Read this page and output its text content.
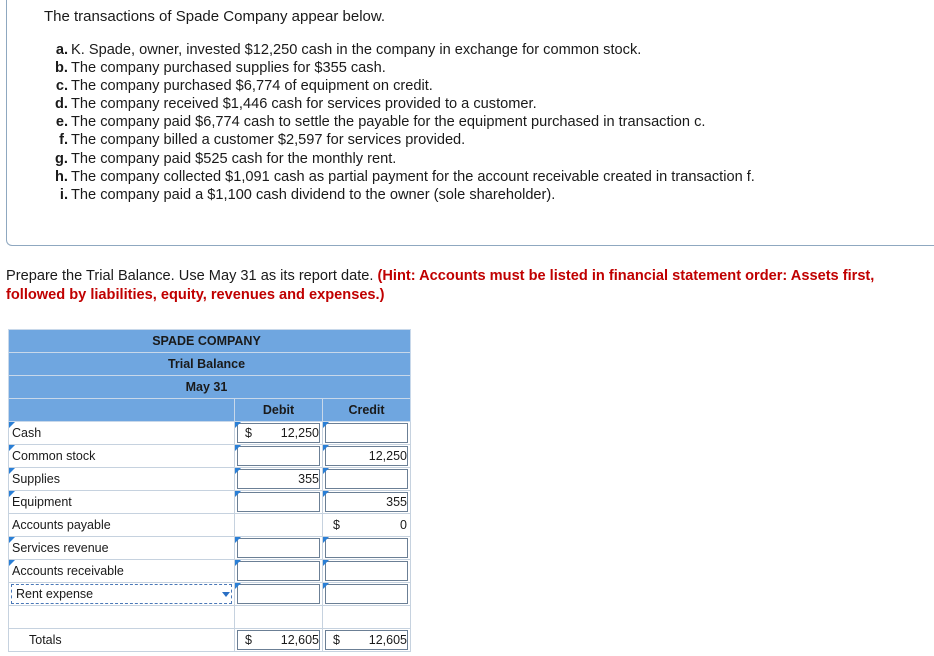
The transactions of Spade Company appear below.

a. K. Spade, owner, invested $12,250 cash in the company in exchange for common stock.
b. The company purchased supplies for $355 cash.
c. The company purchased $6,774 of equipment on credit.
d. The company received $1,446 cash for services provided to a customer.
e. The company paid $6,774 cash to settle the payable for the equipment purchased in transaction c.
f. The company billed a customer $2,597 for services provided.
g. The company paid $525 cash for the monthly rent.
h. The company collected $1,091 cash as partial payment for the account receivable created in transaction f.
i. The company paid a $1,100 cash dividend to the owner (sole shareholder).

Prepare the Trial Balance. Use May 31 as its report date. (Hint: Accounts must be listed in financial statement order: Assets first, followed by liabilities, equity, revenues and expenses.)

SPADE COMPANY		
Trial Balance		
May 31		
	Debit	Credit
Cash	$ 12,250	

Common stock		12,250

Supplies	355	

Equipment		355

Accounts payable		$ 0

Services revenue	

Accounts receivable	

Rent expense

Totals	$ 12,605	$ 12,605
